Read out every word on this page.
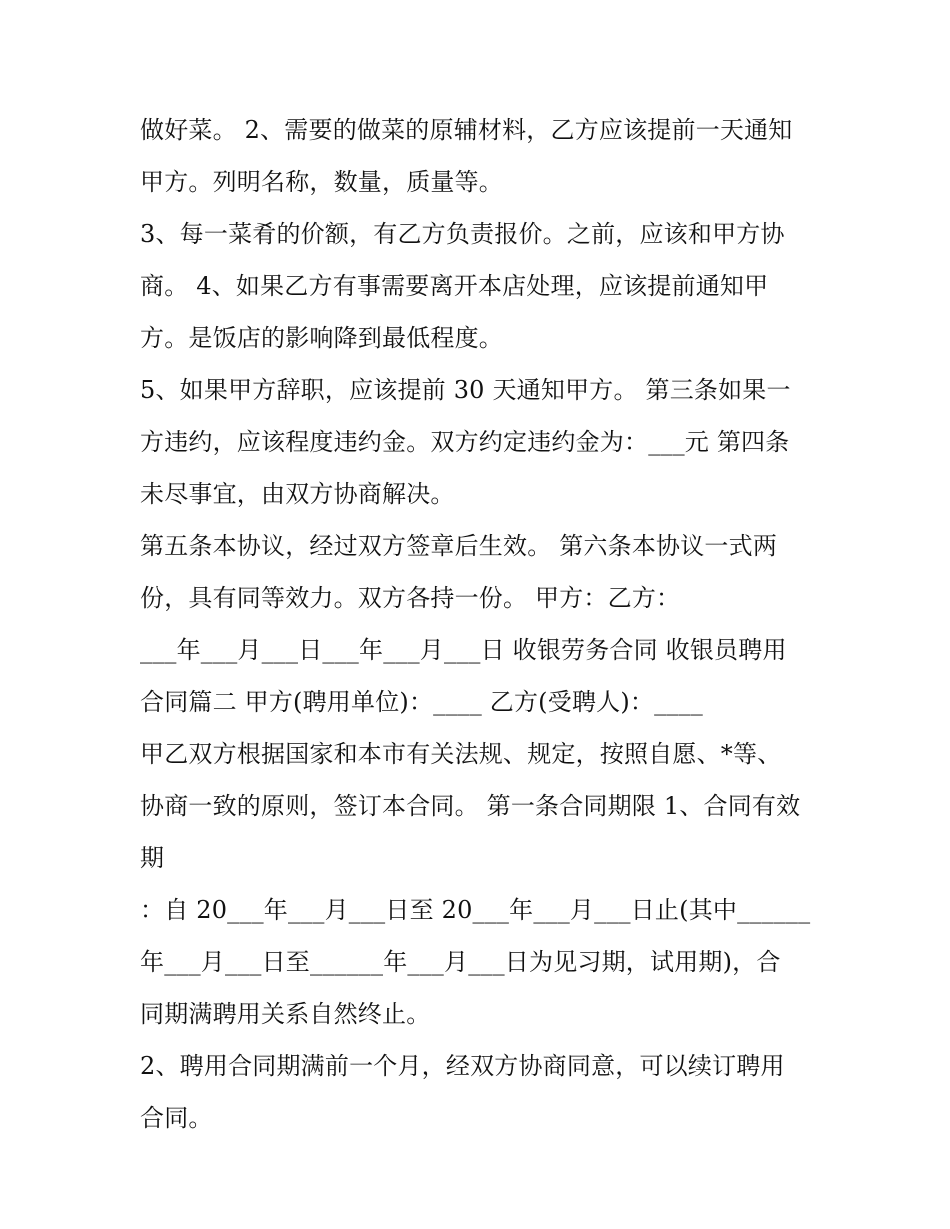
做好菜。 2、需要的做菜的原辅材料，乙方应该提前一天通知
甲方。列明名称，数量，质量等。
3、每一菜肴的价额，有乙方负责报价。之前，应该和甲方协
商。 4、如果乙方有事需要离开本店处理，应该提前通知甲
方。是饭店的影响降到最低程度。
5、如果甲方辞职，应该提前 30 天通知甲方。 第三条如果一
方违约，应该程度违约金。双方约定违约金为：___元 第四条
未尽事宜，由双方协商解决。
第五条本协议，经过双方签章后生效。 第六条本协议一式两
份，具有同等效力。双方各持一份。 甲方：乙方：
___年___月___日___年___月___日 收银劳务合同 收银员聘用
合同篇二 甲方(聘用单位)：____ 乙方(受聘人)：____
甲乙双方根据国家和本市有关法规、规定，按照自愿、*等、
协商一致的原则，签订本合同。 第一条合同期限 1、合同有效
期
：自 20___年___月___日至 20___年___月___日止(其中______
年___月___日至______年___月___日为见习期，试用期)，合
同期满聘用关系自然终止。
2、聘用合同期满前一个月，经双方协商同意，可以续订聘用
合同。
